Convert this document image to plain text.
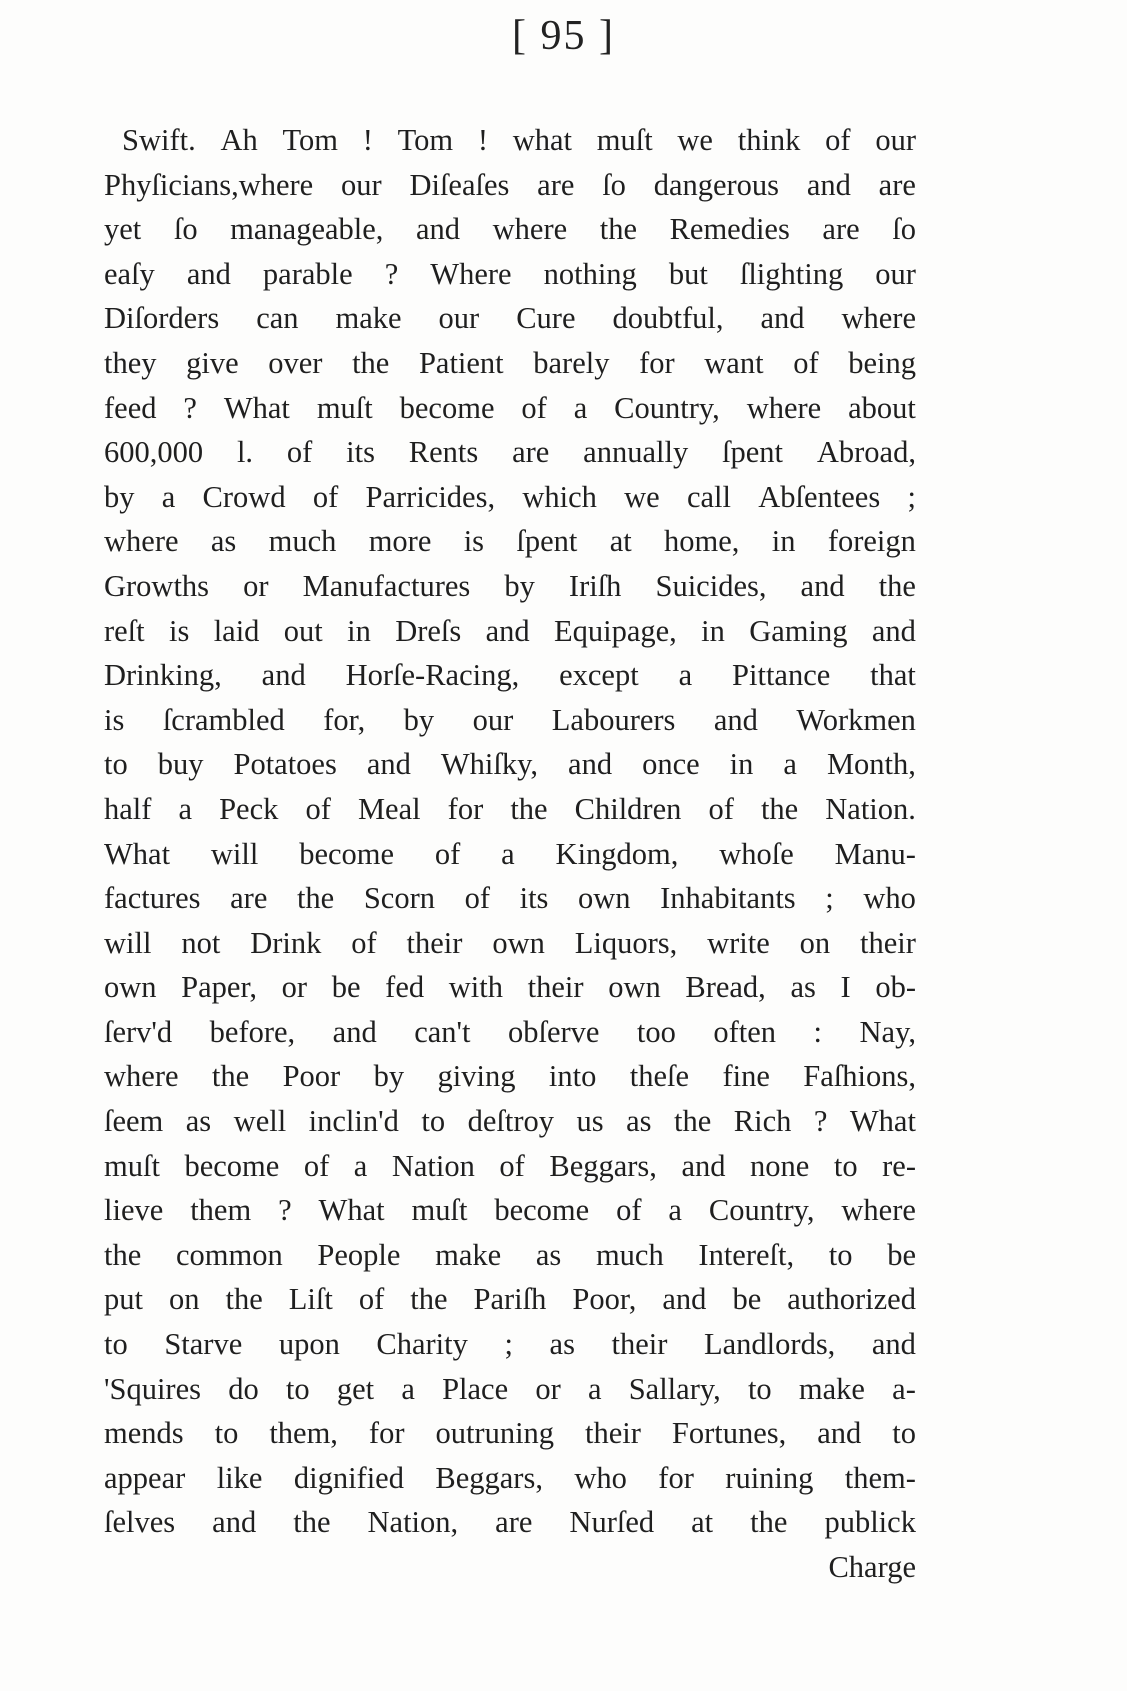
[ 95 ]
Swift. Ah Tom ! Tom ! what muſt we think of our
Phyſicians,where our Diſeaſes are ſo dangerous and are
yet ſo manageable, and where the Remedies are ſo
eaſy and parable ? Where nothing but ſlighting our
Diſorders can make our Cure doubtful, and where
they give over the Patient barely for want of being
feed ? What muſt become of a Country, where about
600,000 l. of its Rents are annually ſpent Abroad,
by a Crowd of Parricides, which we call Abſentees ;
where as much more is ſpent at home, in foreign
Growths or Manufactures by Iriſh Suicides, and the
reſt is laid out in Dreſs and Equipage, in Gaming and
Drinking, and Horſe-Racing, except a Pittance that
is ſcrambled for, by our Labourers and Workmen
to buy Potatoes and Whiſky, and once in a Month,
half a Peck of Meal for the Children of the Nation.
What will become of a Kingdom, whoſe Manu-
factures are the Scorn of its own Inhabitants ; who
will not Drink of their own Liquors, write on their
own Paper, or be fed with their own Bread, as I ob-
ſerv'd before, and can't obſerve too often : Nay,
where the Poor by giving into theſe fine Faſhions,
ſeem as well inclin'd to deſtroy us as the Rich ? What
muſt become of a Nation of Beggars, and none to re-
lieve them ? What muſt become of a Country, where
the common People make as much Intereſt, to be
put on the Liſt of the Pariſh Poor, and be authorized
to Starve upon Charity ; as their Landlords, and
'Squires do to get a Place or a Sallary, to make a-
mends to them, for outruning their Fortunes, and to
appear like dignified Beggars, who for ruining them-
ſelves and the Nation, are Nurſed at the publick
Charge
